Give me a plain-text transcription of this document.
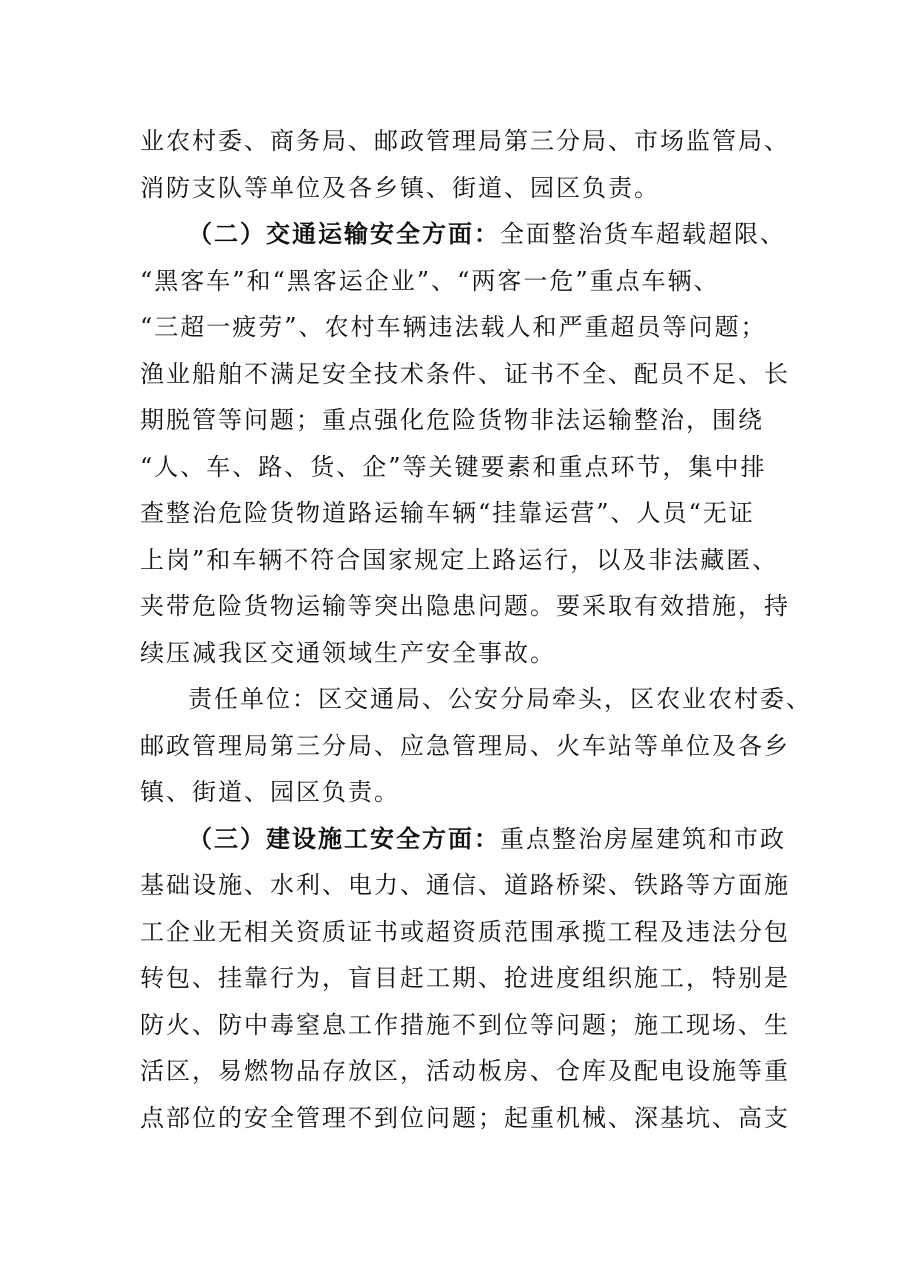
业农村委、商务局、邮政管理局第三分局、市场监管局、
消防支队等单位及各乡镇、街道、园区负责。
（二）交通运输安全方面：全面整治货车超载超限、
“黑客车”和“黑客运企业”、“两客一危”重点车辆、
“三超一疲劳”、农村车辆违法载人和严重超员等问题；
渔业船舶不满足安全技术条件、证书不全、配员不足、长
期脱管等问题；重点强化危险货物非法运输整治，围绕
“人、车、路、货、企”等关键要素和重点环节，集中排
查整治危险货物道路运输车辆“挂靠运营”、人员“无证
上岗”和车辆不符合国家规定上路运行，以及非法藏匿、
夹带危险货物运输等突出隐患问题。要采取有效措施，持
续压减我区交通领域生产安全事故。
责任单位：区交通局、公安分局牵头，区农业农村委、
邮政管理局第三分局、应急管理局、火车站等单位及各乡
镇、街道、园区负责。
（三）建设施工安全方面：重点整治房屋建筑和市政
基础设施、水利、电力、通信、道路桥梁、铁路等方面施
工企业无相关资质证书或超资质范围承揽工程及违法分包
转包、挂靠行为，盲目赶工期、抢进度组织施工，特别是
防火、防中毒窒息工作措施不到位等问题；施工现场、生
活区，易燃物品存放区，活动板房、仓库及配电设施等重
点部位的安全管理不到位问题；起重机械、深基坑、高支
